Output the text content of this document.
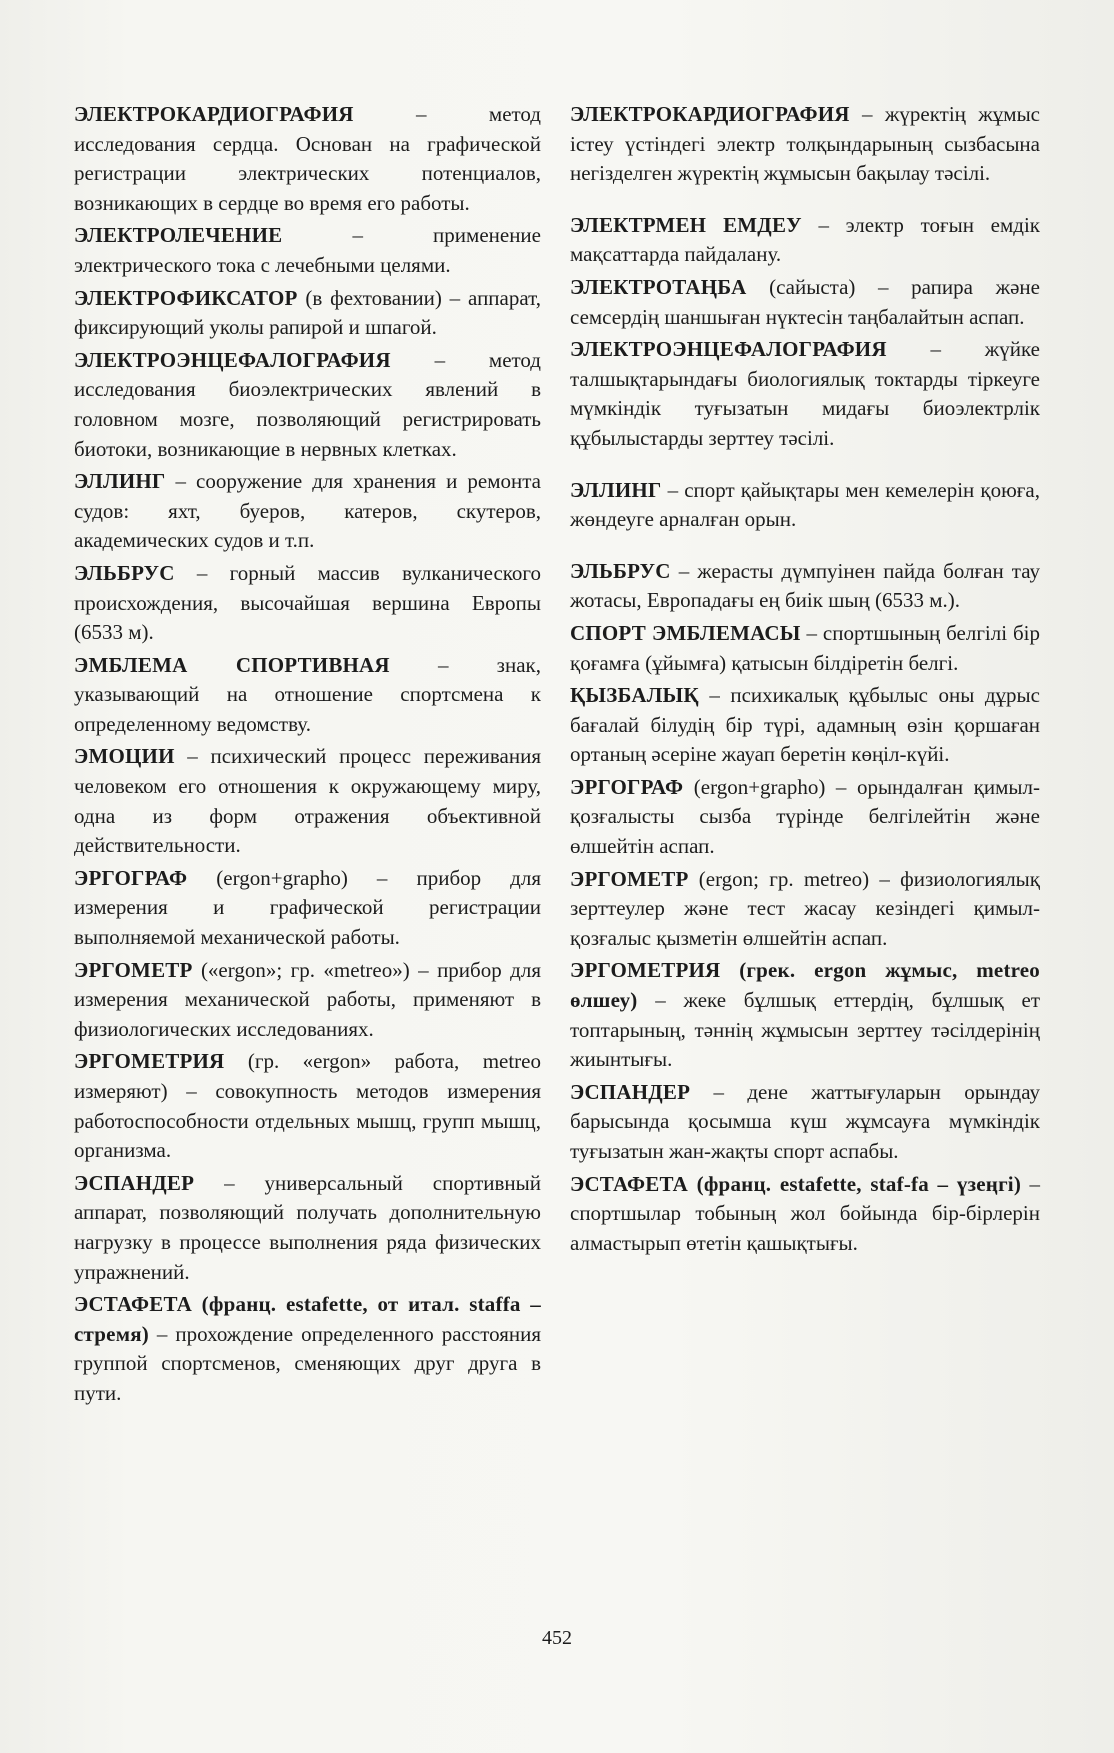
ЭЛЕКТРОКАРДИОГРАФИЯ – метод исследования сердца. Основан на графической регистрации электрических потенциалов, возникающих в сердце во время его работы.

ЭЛЕКТРОЛЕЧЕНИЕ – применение электрического тока с лечебными целями.

ЭЛЕКТРОФИКСАТОР (в фехтовании) – аппарат, фиксирующий уколы рапирой и шпагой.

ЭЛЕКТРОЭНЦЕФАЛОГРАФИЯ – метод исследования биоэлектрических явлений в головном мозге, позволяющий регистрировать биотоки, возникающие в нервных клетках.

ЭЛЛИНГ – сооружение для хранения и ремонта судов: яхт, буеров, катеров, скутеров, академических судов и т.п.

ЭЛЬБРУС – горный массив вулканического происхождения, высочайшая вершина Европы (6533 м).

ЭМБЛЕМА СПОРТИВНАЯ – знак, указывающий на отношение спортсмена к определенному ведомству.

ЭМОЦИИ – психический процесс переживания человеком его отношения к окружающему миру, одна из форм отражения объективной действительности.

ЭРГОГРАФ (ergon+grapho) – прибор для измерения и графической регистрации выполняемой механической работы.

ЭРГОМЕТР («ergon»; гр. «metreo») – прибор для измерения механической работы, применяют в физиологических исследованиях.

ЭРГОМЕТРИЯ (гр. «ergon» работа, metreo измеряют) – совокупность методов измерения работоспособности отдельных мышц, групп мышц, организма.

ЭСПАНДЕР – универсальный спортивный аппарат, позволяющий получать дополнительную нагрузку в процессе выполнения ряда физических упражнений.

ЭСТАФЕТА (франц. estafette, от итал. staffa – стремя) – прохождение определенного расстояния группой спортсменов, сменяющих друг друга в пути.

ЭЛЕКТРОКАРДИОГРАФИЯ – жүректің жұмыс істеу үстіндегі электр толқындарының сызбасына негізделген жүректің жұмысын бақылау тәсілі.

ЭЛЕКТРМЕН ЕМДЕУ – электр тоғын емдік мақсаттарда пайдалану.

ЭЛЕКТРОТАҢБА (сайыста) – рапира және семсердің шаншыған нүктесін таңбалайтын аспап.

ЭЛЕКТРОЭНЦЕФАЛОГРАФИЯ – жүйке талшықтарындағы биологиялық токтарды тіркеуге мүмкіндік туғызатын мидағы биоэлектрлік құбылыстарды зерттеу тәсілі.

ЭЛЛИНГ – спорт қайықтары мен кемелерін қоюға, жөндеуге арналған орын.

ЭЛЬБРУС – жерасты дүмпуінен пайда болған тау жотасы, Европадағы ең биік шың (6533 м.).

СПОРТ ЭМБЛЕМАСЫ – спортшының белгілі бір қоғамға (ұйымға) қатысын білдіретін белгі.

ҚЫЗБАЛЫҚ – психикалық құбылыс оны дұрыс бағалай білудің бір түрі, адамның өзін қоршаған ортаның әсеріне жауап беретін көңіл-күйі.

ЭРГОГРАФ (ergon+grapho) – орындалған қимыл-қозғалысты сызба түрінде белгілейтін және өлшейтін аспап.

ЭРГОМЕТР (ergon; гр. metreo) – физиологиялық зерттеулер және тест жасау кезіндегі қимыл-қозғалыс қызметін өлшейтін аспап.

ЭРГОМЕТРИЯ (грек. ergon жұмыс, metreo өлшеу) – жеке бұлшық еттердің, бұлшық ет топтарының, тәннің жұмысын зерттеу тәсілдерінің жиынтығы.

ЭСПАНДЕР – дене жаттығуларын орындау барысында қосымша күш жұмсауға мүмкіндік туғызатын жан-жақты спорт аспабы.

ЭСТАФЕТА (франц. estafette, staf-fa – үзеңгі) – спортшылар тобының жол бойында бір-бірлерін алмастырып өтетін қашықтығы.

452
